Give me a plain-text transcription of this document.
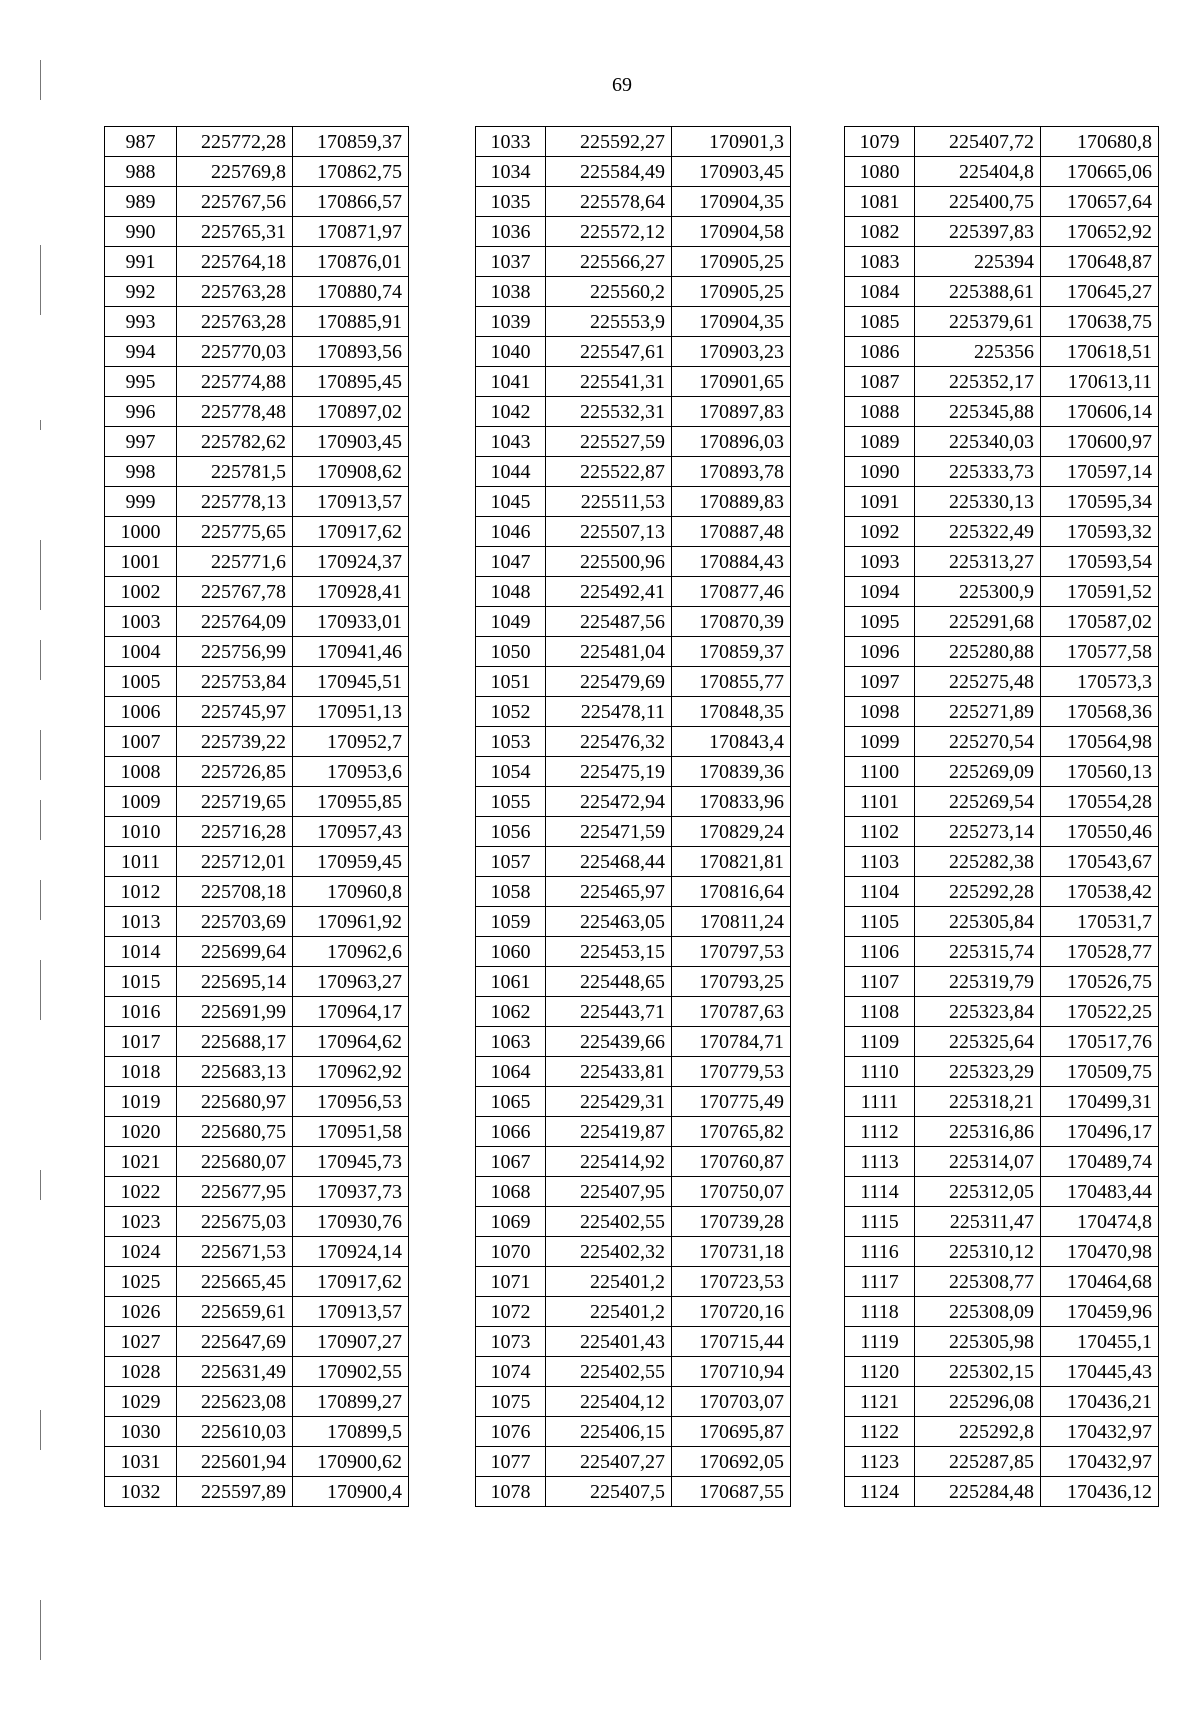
69
987	225772,28	170859,37
988	225769,8	170862,75
989	225767,56	170866,57
990	225765,31	170871,97
991	225764,18	170876,01
992	225763,28	170880,74
993	225763,28	170885,91
994	225770,03	170893,56
995	225774,88	170895,45
996	225778,48	170897,02
997	225782,62	170903,45
998	225781,5	170908,62
999	225778,13	170913,57
1000	225775,65	170917,62
1001	225771,6	170924,37
1002	225767,78	170928,41
1003	225764,09	170933,01
1004	225756,99	170941,46
1005	225753,84	170945,51
1006	225745,97	170951,13
1007	225739,22	170952,7
1008	225726,85	170953,6
1009	225719,65	170955,85
1010	225716,28	170957,43
1011	225712,01	170959,45
1012	225708,18	170960,8
1013	225703,69	170961,92
1014	225699,64	170962,6
1015	225695,14	170963,27
1016	225691,99	170964,17
1017	225688,17	170964,62
1018	225683,13	170962,92
1019	225680,97	170956,53
1020	225680,75	170951,58
1021	225680,07	170945,73
1022	225677,95	170937,73
1023	225675,03	170930,76
1024	225671,53	170924,14
1025	225665,45	170917,62
1026	225659,61	170913,57
1027	225647,69	170907,27
1028	225631,49	170902,55
1029	225623,08	170899,27
1030	225610,03	170899,5
1031	225601,94	170900,62
1032	225597,89	170900,4
1033	225592,27	170901,3
1034	225584,49	170903,45
1035	225578,64	170904,35
1036	225572,12	170904,58
1037	225566,27	170905,25
1038	225560,2	170905,25
1039	225553,9	170904,35
1040	225547,61	170903,23
1041	225541,31	170901,65
1042	225532,31	170897,83
1043	225527,59	170896,03
1044	225522,87	170893,78
1045	225511,53	170889,83
1046	225507,13	170887,48
1047	225500,96	170884,43
1048	225492,41	170877,46
1049	225487,56	170870,39
1050	225481,04	170859,37
1051	225479,69	170855,77
1052	225478,11	170848,35
1053	225476,32	170843,4
1054	225475,19	170839,36
1055	225472,94	170833,96
1056	225471,59	170829,24
1057	225468,44	170821,81
1058	225465,97	170816,64
1059	225463,05	170811,24
1060	225453,15	170797,53
1061	225448,65	170793,25
1062	225443,71	170787,63
1063	225439,66	170784,71
1064	225433,81	170779,53
1065	225429,31	170775,49
1066	225419,87	170765,82
1067	225414,92	170760,87
1068	225407,95	170750,07
1069	225402,55	170739,28
1070	225402,32	170731,18
1071	225401,2	170723,53
1072	225401,2	170720,16
1073	225401,43	170715,44
1074	225402,55	170710,94
1075	225404,12	170703,07
1076	225406,15	170695,87
1077	225407,27	170692,05
1078	225407,5	170687,55
1079	225407,72	170680,8
1080	225404,8	170665,06
1081	225400,75	170657,64
1082	225397,83	170652,92
1083	225394	170648,87
1084	225388,61	170645,27
1085	225379,61	170638,75
1086	225356	170618,51
1087	225352,17	170613,11
1088	225345,88	170606,14
1089	225340,03	170600,97
1090	225333,73	170597,14
1091	225330,13	170595,34
1092	225322,49	170593,32
1093	225313,27	170593,54
1094	225300,9	170591,52
1095	225291,68	170587,02
1096	225280,88	170577,58
1097	225275,48	170573,3
1098	225271,89	170568,36
1099	225270,54	170564,98
1100	225269,09	170560,13
1101	225269,54	170554,28
1102	225273,14	170550,46
1103	225282,38	170543,67
1104	225292,28	170538,42
1105	225305,84	170531,7
1106	225315,74	170528,77
1107	225319,79	170526,75
1108	225323,84	170522,25
1109	225325,64	170517,76
1110	225323,29	170509,75
1111	225318,21	170499,31
1112	225316,86	170496,17
1113	225314,07	170489,74
1114	225312,05	170483,44
1115	225311,47	170474,8
1116	225310,12	170470,98
1117	225308,77	170464,68
1118	225308,09	170459,96
1119	225305,98	170455,1
1120	225302,15	170445,43
1121	225296,08	170436,21
1122	225292,8	170432,97
1123	225287,85	170432,97
1124	225284,48	170436,12
